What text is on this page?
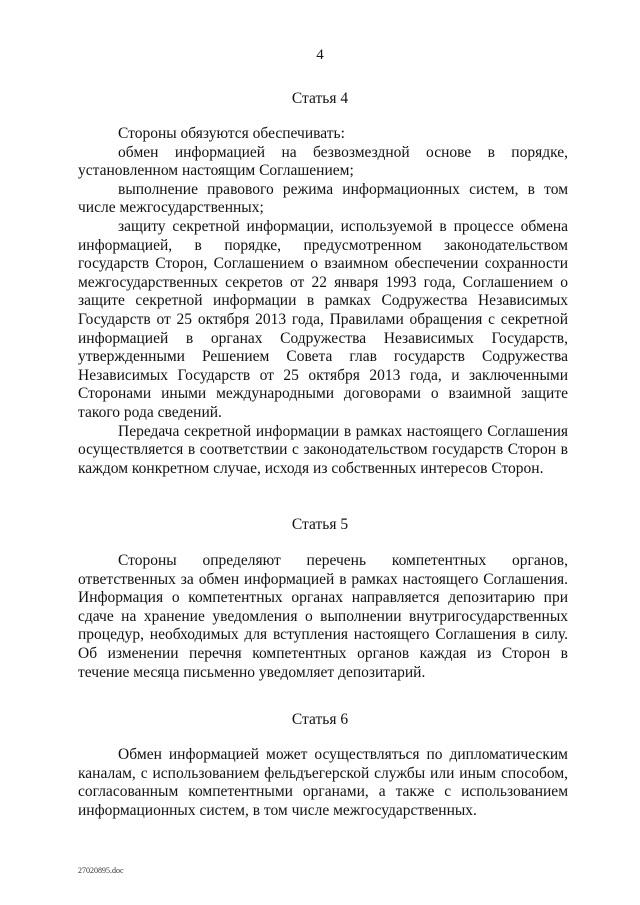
4
Статья 4

Стороны обязуются обеспечивать:

обмен информацией на безвозмездной основе в порядке, установленном настоящим Соглашением;

выполнение правового режима информационных систем, в том числе межгосударственных;

защиту секретной информации, используемой в процессе обмена информацией, в порядке, предусмотренном законодательством государств Сторон, Соглашением о взаимном обеспечении сохранности межгосударственных секретов от 22 января 1993 года, Соглашением о защите секретной информации в рамках Содружества Независимых Государств от 25 октября 2013 года, Правилами обращения с секретной информацией в органах Содружества Независимых Государств, утвержденными Решением Совета глав государств Содружества Независимых Государств от 25 октября 2013 года, и заключенными Сторонами иными международными договорами о взаимной защите такого рода сведений.

Передача секретной информации в рамках настоящего Соглашения осуществляется в соответствии с законодательством государств Сторон в каждом конкретном случае, исходя из собственных интересов Сторон.

Статья 5

Стороны определяют перечень компетентных органов, ответственных за обмен информацией в рамках настоящего Соглашения. Информация о компетентных органах направляется депозитарию при сдаче на хранение уведомления о выполнении внутригосударственных процедур, необходимых для вступления настоящего Соглашения в силу. Об изменении перечня компетентных органов каждая из Сторон в течение месяца письменно уведомляет депозитарий.

Статья 6

Обмен информацией может осуществляться по дипломатическим каналам, с использованием фельдъегерской службы или иным способом, согласованным компетентными органами, а также с использованием информационных систем, в том числе межгосударственных.

27020895.doc
